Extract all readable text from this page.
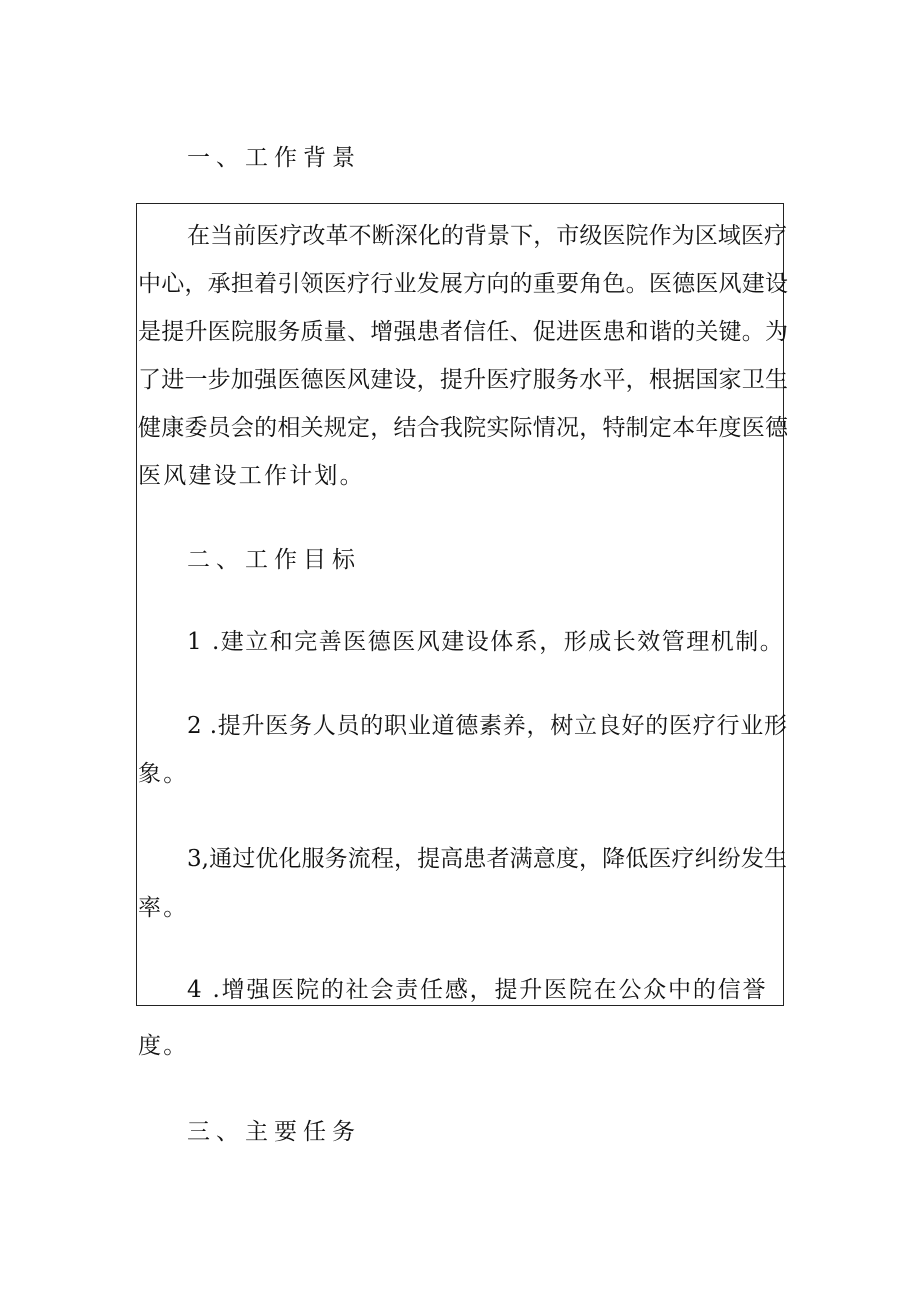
一、工作背景
在当前医疗改革不断深化的背景下，市级医院作为区域医疗
中心，承担着引领医疗行业发展方向的重要角色。医德医风建设
是提升医院服务质量、增强患者信任、促进医患和谐的关键。为
了进一步加强医德医风建设，提升医疗服务水平，根据国家卫生
健康委员会的相关规定，结合我院实际情况，特制定本年度医德
医风建设工作计划。
二、工作目标
1 .建立和完善医德医风建设体系，形成长效管理机制。
2 .提升医务人员的职业道德素养，树立良好的医疗行业形
象。
3,通过优化服务流程，提高患者满意度，降低医疗纠纷发生
率。
4 .增强医院的社会责任感，提升医院在公众中的信誉
度。
三、主要任务
